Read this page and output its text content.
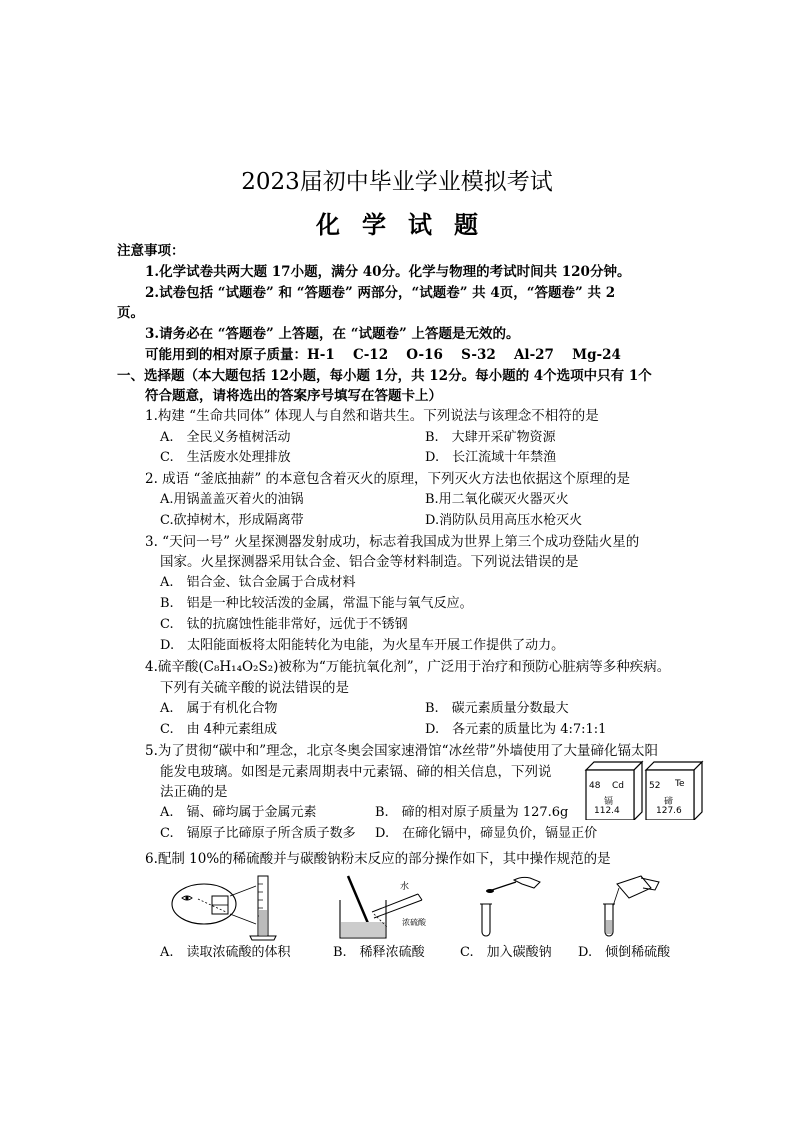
2023届初中毕业学业模拟考试
化学试题
注意事项：
1.化学试卷共两大题 17小题，满分 40分。化学与物理的考试时间共 120分钟。
2.试卷包括 “试题卷” 和 “答题卷” 两部分，“试题卷” 共 4页，“答题卷” 共 2
页。
3.请务必在 “答题卷” 上答题，在 “试题卷” 上答题是无效的。
可能用到的相对原子质量：H-1　 C-12　 O-16　 S-32　 Al-27　 Mg-24
一、选择题（本大题包括 12小题，每小题 1分，共 12分。每小题的 4个选项中只有 1个
符合题意，请将选出的答案序号填写在答题卡上）
1.构建 “生命共同体” 体现人与自然和谐共生。下列说法与该理念不相符的是
A.　全民义务植树活动	B.　大肆开采矿物资源
C.　生活废水处理排放	D.　长江流域十年禁渔
2. 成语 “釜底抽薪” 的本意包含着灭火的原理，下列灭火方法也依据这个原理的是
A.用锅盖盖灭着火的油锅	B.用二氧化碳灭火器灭火
C.砍掉树木，形成隔离带	D.消防队员用高压水枪灭火
3. “天问一号” 火星探测器发射成功，标志着我国成为世界上第三个成功登陆火星的
国家。火星探测器采用钛合金、铝合金等材料制造。下列说法错误的是
A.　铝合金、钛合金属于合成材料
B.　铝是一种比较活泼的金属，常温下能与氧气反应。
C.　钛的抗腐蚀性能非常好，远优于不锈钢
D.　太阳能面板将太阳能转化为电能，为火星车开展工作提供了动力。
4.硫辛酸(C₈H₁₄O₂S₂)被称为“万能抗氧化剂”，广泛用于治疗和预防心脏病等多种疾病。
下列有关硫辛酸的说法错误的是
A.　属于有机化合物	B.　碳元素质量分数最大
C.　由 4种元素组成	D.　各元素的质量比为 4:7:1:1
5.为了贯彻“碳中和”理念，北京冬奥会国家速滑馆“冰丝带”外墙使用了大量碲化镉太阳
能发电玻璃。如图是元素周期表中元素镉、碲的相关信息，下列说
法正确的是
A.　镉、碲均属于金属元素	B.　碲的相对原子质量为 127.6g
C.　镉原子比碲原子所含质子数多 D.　在碲化镉中，碲显负价，镉显正价
48 Cd
镉
112.4
52 Te
碲
127.6
6.配制 10%的稀硫酸并与碳酸钠粉末反应的部分操作如下，其中操作规范的是
水
浓硫酸
A.　读取浓硫酸的体积	B.　稀释浓硫酸	C.　加入碳酸钠 D.　倾倒稀硫酸
